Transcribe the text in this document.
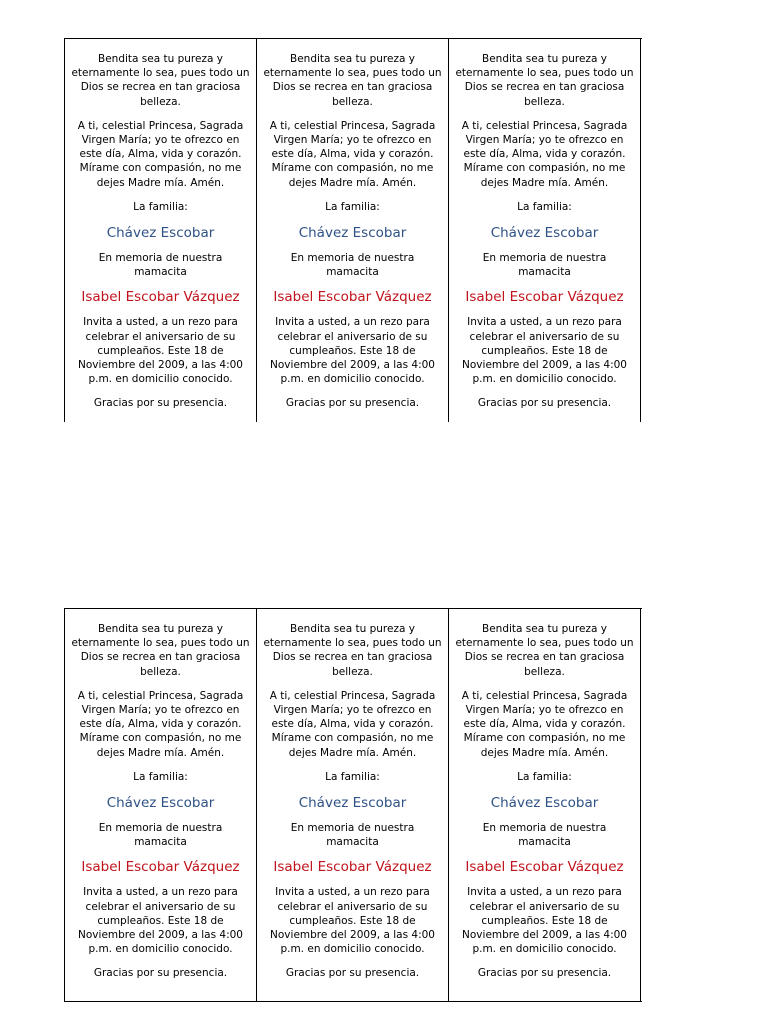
Bendita sea tu pureza y
eternamente lo sea, pues todo un
Dios se recrea en tan graciosa
belleza.

A ti, celestial Princesa, Sagrada
Virgen María; yo te ofrezco en
este día, Alma, vida y corazón.
Mírame con compasión, no me
dejes Madre mía. Amén.

La familia:

Chávez Escobar

En memoria de nuestra
mamacita

Isabel Escobar Vázquez

Invita a usted, a un rezo para
celebrar el aniversario de su
cumpleaños. Este 18 de
Noviembre del 2009, a las 4:00
p.m. en domicilio conocido.

Gracias por su presencia.

Bendita sea tu pureza y
eternamente lo sea, pues todo un
Dios se recrea en tan graciosa
belleza.

A ti, celestial Princesa, Sagrada
Virgen María; yo te ofrezco en
este día, Alma, vida y corazón.
Mírame con compasión, no me
dejes Madre mía. Amén.

La familia:

Chávez Escobar

En memoria de nuestra
mamacita

Isabel Escobar Vázquez

Invita a usted, a un rezo para
celebrar el aniversario de su
cumpleaños. Este 18 de
Noviembre del 2009, a las 4:00
p.m. en domicilio conocido.

Gracias por su presencia.

Bendita sea tu pureza y
eternamente lo sea, pues todo un
Dios se recrea en tan graciosa
belleza.

A ti, celestial Princesa, Sagrada
Virgen María; yo te ofrezco en
este día, Alma, vida y corazón.
Mírame con compasión, no me
dejes Madre mía. Amén.

La familia:

Chávez Escobar

En memoria de nuestra
mamacita

Isabel Escobar Vázquez

Invita a usted, a un rezo para
celebrar el aniversario de su
cumpleaños. Este 18 de
Noviembre del 2009, a las 4:00
p.m. en domicilio conocido.

Gracias por su presencia.

Bendita sea tu pureza y
eternamente lo sea, pues todo un
Dios se recrea en tan graciosa
belleza.

A ti, celestial Princesa, Sagrada
Virgen María; yo te ofrezco en
este día, Alma, vida y corazón.
Mírame con compasión, no me
dejes Madre mía. Amén.

La familia:

Chávez Escobar

En memoria de nuestra
mamacita

Isabel Escobar Vázquez

Invita a usted, a un rezo para
celebrar el aniversario de su
cumpleaños. Este 18 de
Noviembre del 2009, a las 4:00
p.m. en domicilio conocido.

Gracias por su presencia.

Bendita sea tu pureza y
eternamente lo sea, pues todo un
Dios se recrea en tan graciosa
belleza.

A ti, celestial Princesa, Sagrada
Virgen María; yo te ofrezco en
este día, Alma, vida y corazón.
Mírame con compasión, no me
dejes Madre mía. Amén.

La familia:

Chávez Escobar

En memoria de nuestra
mamacita

Isabel Escobar Vázquez

Invita a usted, a un rezo para
celebrar el aniversario de su
cumpleaños. Este 18 de
Noviembre del 2009, a las 4:00
p.m. en domicilio conocido.

Gracias por su presencia.

Bendita sea tu pureza y
eternamente lo sea, pues todo un
Dios se recrea en tan graciosa
belleza.

A ti, celestial Princesa, Sagrada
Virgen María; yo te ofrezco en
este día, Alma, vida y corazón.
Mírame con compasión, no me
dejes Madre mía. Amén.

La familia:

Chávez Escobar

En memoria de nuestra
mamacita

Isabel Escobar Vázquez

Invita a usted, a un rezo para
celebrar el aniversario de su
cumpleaños. Este 18 de
Noviembre del 2009, a las 4:00
p.m. en domicilio conocido.

Gracias por su presencia.
